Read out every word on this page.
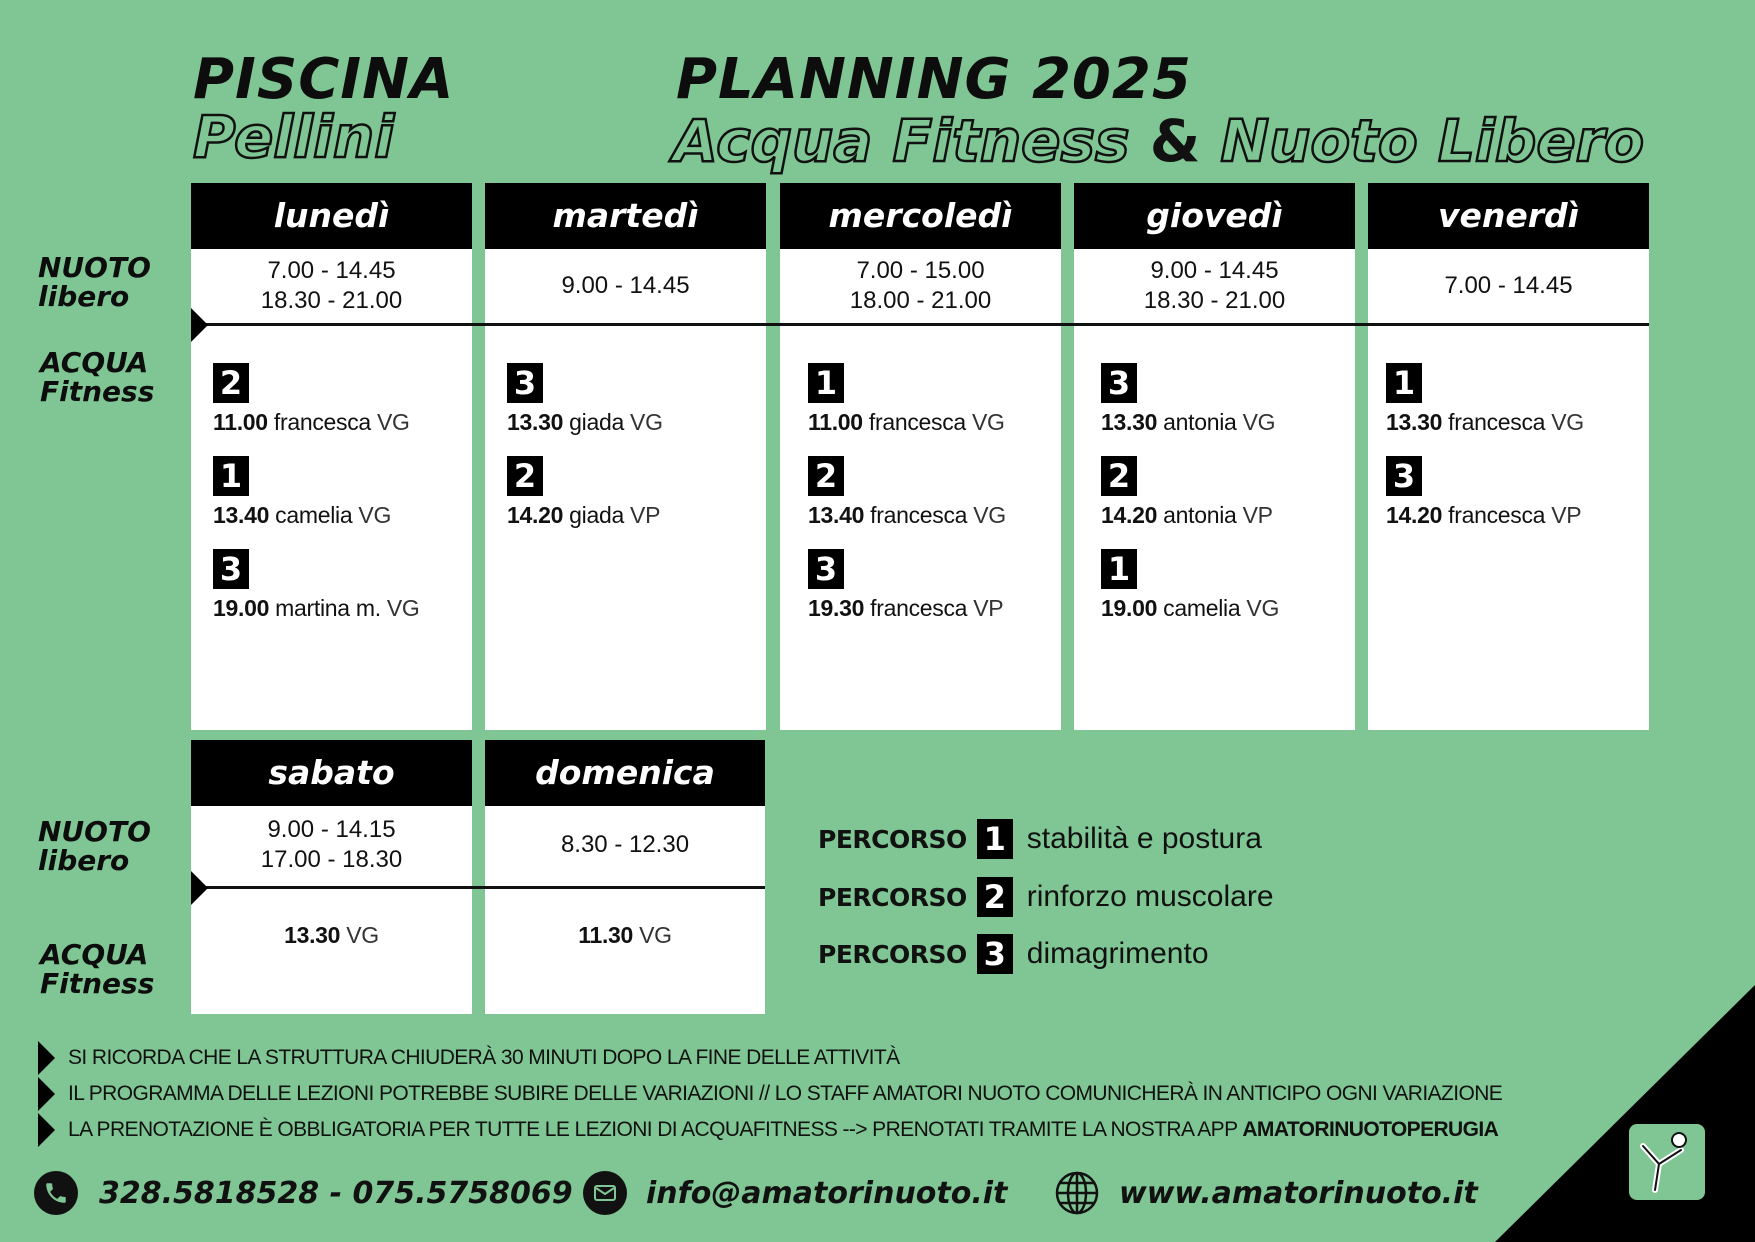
PISCINA
Pellini
PLANNING 2025
Acqua Fitness & Nuoto Libero
NUOTO
libero
ACQUA
Fitness
NUOTO
libero
ACQUA
Fitness
lunedì
7.00 - 14.45
18.30 - 21.00
2
11.00 francesca VG
1
13.40 camelia VG
3
19.00 martina m. VG
martedì
9.00 - 14.45
3
13.30 giada VG
2
14.20 giada VP
mercoledì
7.00 - 15.00
18.00 - 21.00
1
11.00 francesca VG
2
13.40 francesca VG
3
19.30 francesca VP
giovedì
9.00 - 14.45
18.30 - 21.00
3
13.30 antonia VG
2
14.20 antonia VP
1
19.00 camelia VG
venerdì
7.00 - 14.45
1
13.30 francesca VG
3
14.20 francesca VP
sabato
9.00 - 14.15
17.00 - 18.30
13.30 VG
domenica
8.30 - 12.30
11.30 VG
PERCORSO 1 stabilità e postura
PERCORSO 2 rinforzo muscolare
PERCORSO 3 dimagrimento
SI RICORDA CHE LA STRUTTURA CHIUDERÀ 30 MINUTI DOPO LA FINE DELLE ATTIVITÀ
IL PROGRAMMA DELLE LEZIONI POTREBBE SUBIRE DELLE VARIAZIONI // LO STAFF AMATORI NUOTO COMUNICHERÀ IN ANTICIPO OGNI VARIAZIONE
LA PRENOTAZIONE È OBBLIGATORIA PER TUTTE LE LEZIONI DI ACQUAFITNESS --> PRENOTATI TRAMITE LA NOSTRA APP AMATORINUOTOPERUGIA
328.5818528 - 075.5758069 info@amatorinuoto.it	www.amatorinuoto.it
